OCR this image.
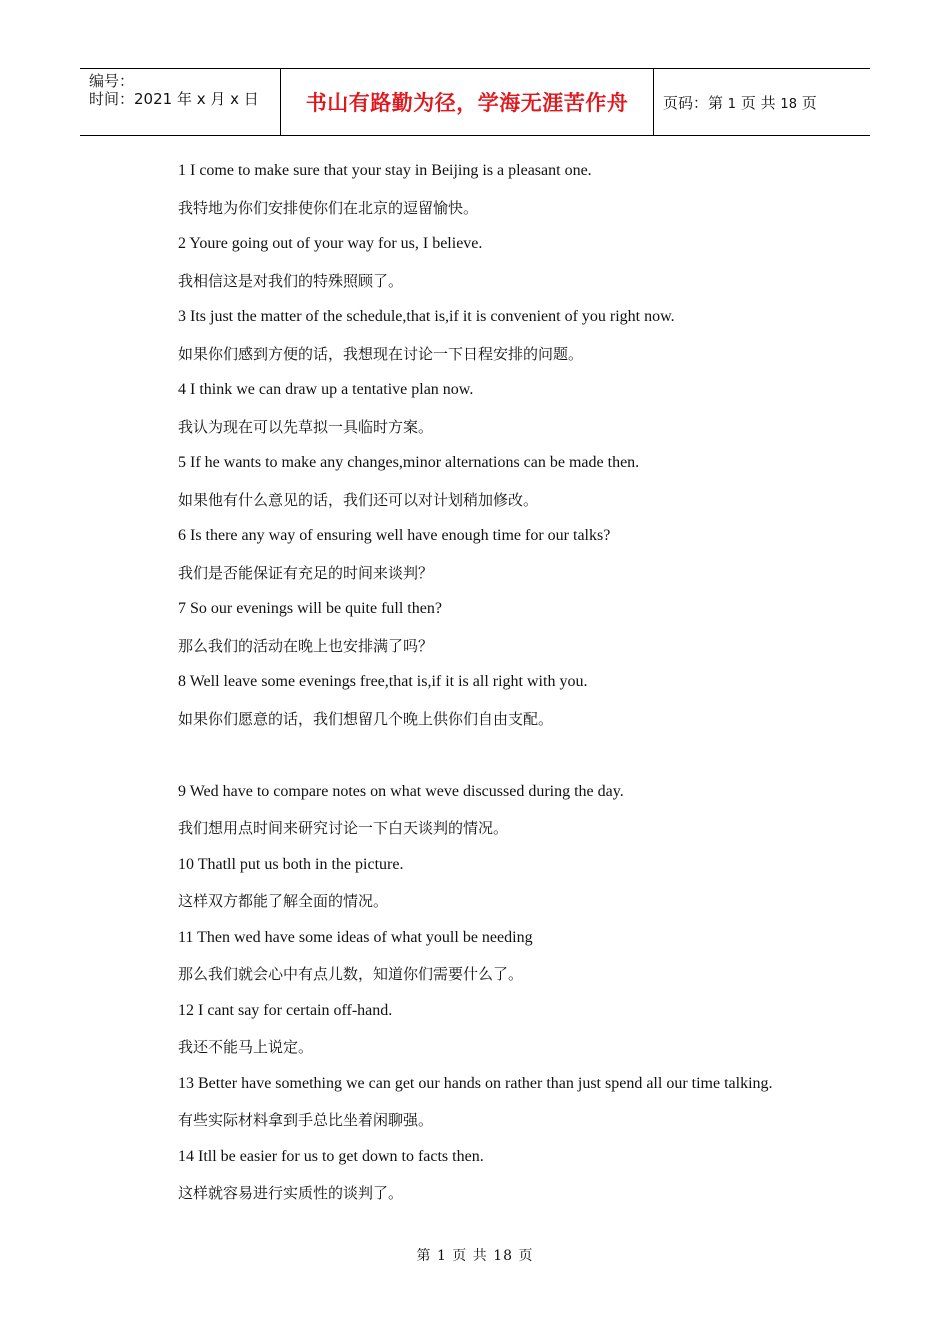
编号：
时间：2021 年 x 月 x 日	书山有路勤为径，学海无涯苦作舟	页码：第 1 页 共 18 页
1 I come to make sure that your stay in Beijing is a pleasant one.
我特地为你们安排使你们在北京的逗留愉快。
2 Youre going out of your way for us, I believe.
我相信这是对我们的特殊照顾了。
3 Its just the matter of the schedule,that is,if it is convenient of you right now.
如果你们感到方便的话，我想现在讨论一下日程安排的问题。
4 I think we can draw up a tentative plan now.
我认为现在可以先草拟一具临时方案。
5 If he wants to make any changes,minor alternations can be made then.
如果他有什么意见的话，我们还可以对计划稍加修改。
6 Is there any way of ensuring well have enough time for our talks?
我们是否能保证有充足的时间来谈判？
7 So our evenings will be quite full then?
那么我们的活动在晚上也安排满了吗？
8 Well leave some evenings free,that is,if it is all right with you.
如果你们愿意的话，我们想留几个晚上供你们自由支配。
9 Wed have to compare notes on what weve discussed during the day.
我们想用点时间来研究讨论一下白天谈判的情况。
10 Thatll put us both in the picture.
这样双方都能了解全面的情况。
11 Then wed have some ideas of what youll be needing
那么我们就会心中有点儿数，知道你们需要什么了。
12 I cant say for certain off-hand.
我还不能马上说定。
13 Better have something we can get our hands on rather than just spend all our time talking.
有些实际材料拿到手总比坐着闲聊强。
14 Itll be easier for us to get down to facts then.
这样就容易进行实质性的谈判了。
第 1 页 共 18 页
